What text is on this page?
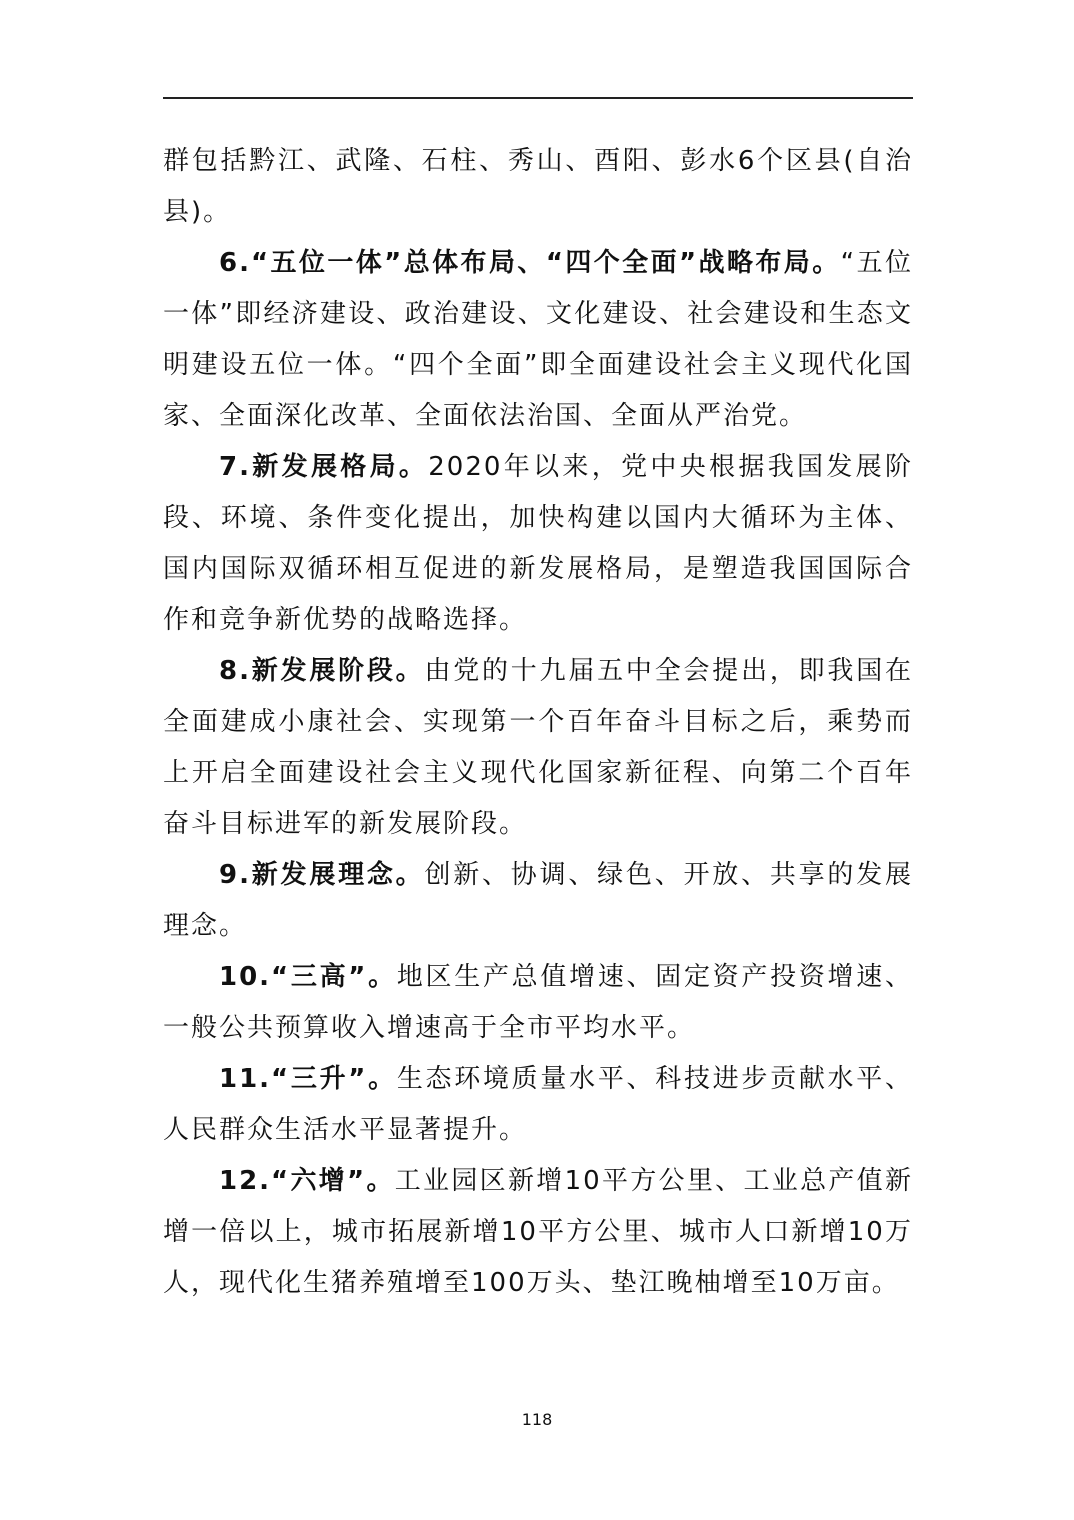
群包括黔江、武隆、石柱、秀山、酉阳、彭水6个区县(自治县)。

6.“五位一体”总体布局、“四个全面”战略布局。“五位一体”即经济建设、政治建设、文化建设、社会建设和生态文明建设五位一体。“四个全面”即全面建设社会主义现代化国家、全面深化改革、全面依法治国、全面从严治党。

7.新发展格局。2020年以来，党中央根据我国发展阶段、环境、条件变化提出，加快构建以国内大循环为主体、国内国际双循环相互促进的新发展格局，是塑造我国国际合作和竞争新优势的战略选择。

8.新发展阶段。由党的十九届五中全会提出，即我国在全面建成小康社会、实现第一个百年奋斗目标之后，乘势而上开启全面建设社会主义现代化国家新征程、向第二个百年奋斗目标进军的新发展阶段。

9.新发展理念。创新、协调、绿色、开放、共享的发展理念。

10.“三高”。地区生产总值增速、固定资产投资增速、一般公共预算收入增速高于全市平均水平。

11.“三升”。生态环境质量水平、科技进步贡献水平、人民群众生活水平显著提升。

12.“六增”。工业园区新增10平方公里、工业总产值新增一倍以上，城市拓展新增10平方公里、城市人口新增10万人，现代化生猪养殖增至100万头、垫江晚柚增至10万亩。

118
